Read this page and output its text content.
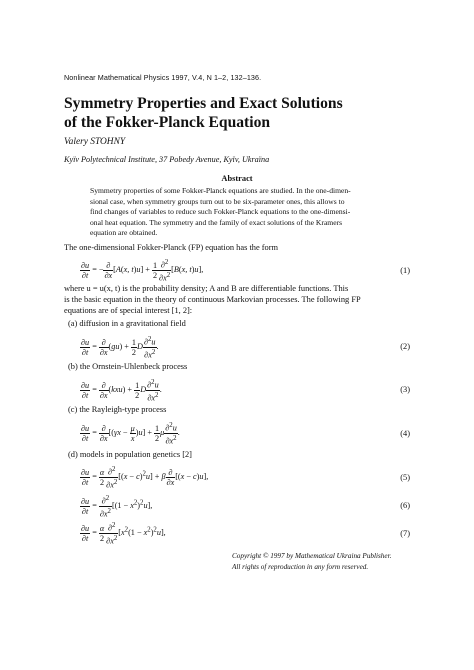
Nonlinear Mathematical Physics 1997, V.4, N 1–2, 132–136.
Symmetry Properties and Exact Solutions
of the Fokker-Planck Equation
Valery STOHNY
Kyïv Polytechnical Institute, 37 Pobedy Avenue, Kyïv, Ukraïna
Abstract
Symmetry properties of some Fokker-Planck equations are studied. In the one-dimen-
sional case, when symmetry groups turn out to be six-parameter ones, this allows to
find changes of variables to reduce such Fokker-Planck equations to the one-dimensi-
onal heat equation. The symmetry and the family of exact solutions of the Kramers
equation are obtained.
The one-dimensional Fokker-Planck (FP) equation has the form
$\frac{\partial u}{\partial t}$ = − $\frac{\partial}{\partial x} [A(x$, $t)u] + \frac{1}{2} \frac{\partial^2}{\partial x^2} [B(x$, t)u],	(1)
where u = u(x, t) is the probability density; A and B are differentiable functions. This
is the basic equation in the theory of continuous Markovian processes. The following FP
equations are of special interest [1, 2]:
(a) diffusion in a gravitational field
$\frac{\partial u}{\partial t} = \frac{\partial}{\partial x} (gu) + \frac{1}{2}$ D $\frac{\partial^2u}{\partial x^2}$ .	(2)
(b) the Ornstein-Uhlenbeck process
$\frac{\partial u}{\partial t} = \frac{\partial}{\partial x} (kxu) + \frac{1}{2}$ D $\frac{\partial^2u}{\partial x^2}$ .	(3)
(c) the Rayleigh-type process
$\frac{\partial u}{\partial t} = \frac{\partial}{\partial x} [(\gamma x - \frac{\mu}{x} )u] + \frac{1}{2}$ μ $\frac{\partial^2u}{\partial x^2}$ .	(4)
(d) models in population genetics [2]
$\frac{\partial u}{\partial t} = \frac{\alpha}{2} \frac{\partial^2}{\partial x^2} [(x - c)^2u] + \beta \frac{\partial}{\partial x} [(x - c)u]$,	(5)
$\frac{\partial u}{\partial t} = \frac{\partial^2}{\partial x^2} [(1 - x^2)^2u]$,	(6)
$\frac{\partial u}{\partial t} = \frac{\alpha}{2} \frac{\partial^2}{\partial x^2} [x^2(1 - x^2)^2u]$,	(7)
Copyright © 1997 by Mathematical Ukraina Publisher.
All rights of reproduction in any form reserved.
